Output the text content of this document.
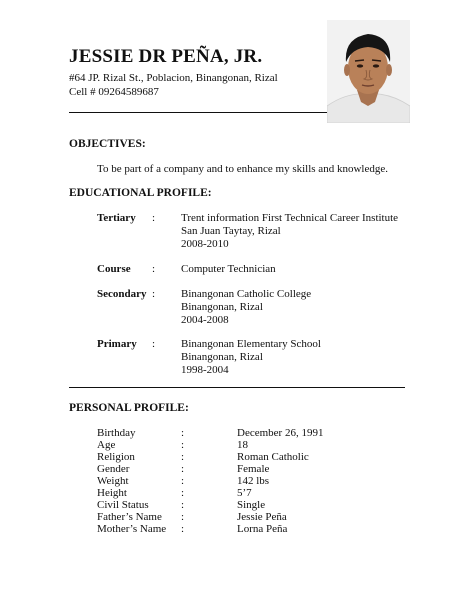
JESSIE DR PEÑA, JR.
#64 JP. Rizal St., Poblacion, Binangonan, Rizal
Cell # 09264589687
OBJECTIVES:
To be part of a company and to enhance my skills and knowledge.
EDUCATIONAL PROFILE:
Tertiary : Trent information First Technical Career Institute
San Juan Taytay, Rizal
2008-2010
Course : Computer Technician
Secondary : Binangonan Catholic College
Binangonan, Rizal
2004-2008
Primary : Binangonan Elementary School
Binangonan, Rizal
1998-2004
PERSONAL PROFILE:
Birthday	:	December 26, 1991
Age	:	18
Religion	:	Roman Catholic
Gender	:	Female
Weight	:	142 lbs
Height	:	5’7
Civil Status	:	Single
Father’s Name :	Jessie Peña
Mother’s Name :	Lorna Peña
